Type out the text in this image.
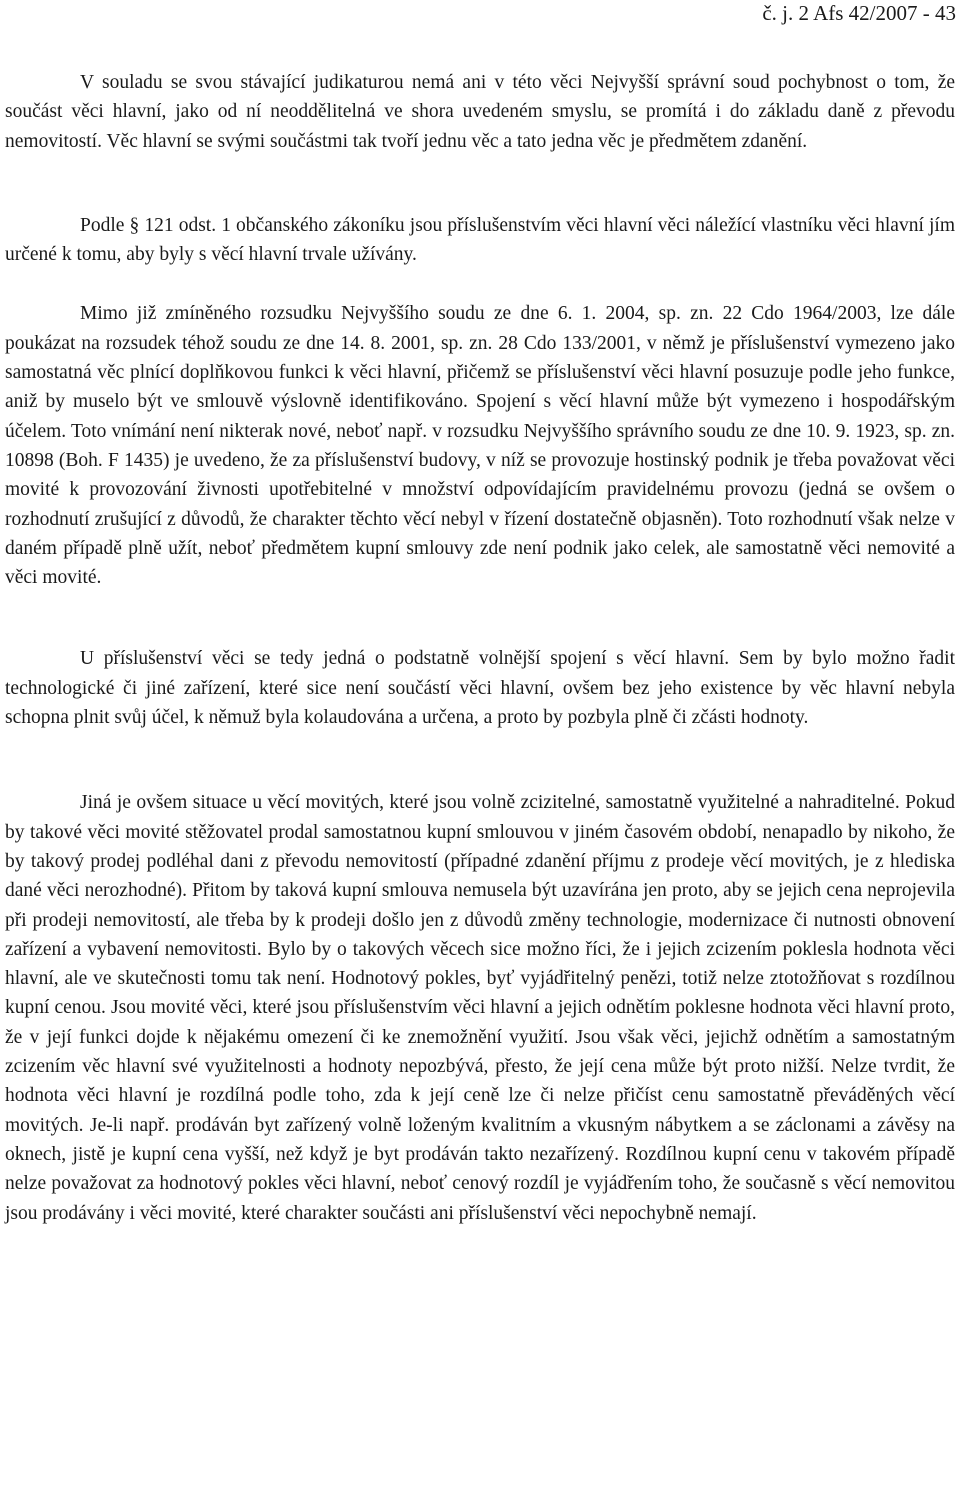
č. j. 2 Afs 42/2007 - 43

V souladu se svou stávající judikaturou nemá ani v této věci Nejvyšší správní soud pochybnost o tom, že součást věci hlavní, jako od ní neoddělitelná ve shora uvedeném smyslu, se promítá i do základu daně z převodu nemovitostí. Věc hlavní se svými součástmi tak tvoří jednu věc a tato jedna věc je předmětem zdanění.

Podle § 121 odst. 1 občanského zákoníku jsou příslušenstvím věci hlavní věci náležící vlastníku věci hlavní jím určené k tomu, aby byly s věcí hlavní trvale užívány.

Mimo již zmíněného rozsudku Nejvyššího soudu ze dne 6. 1. 2004, sp. zn. 22 Cdo 1964/2003, lze dále poukázat na rozsudek téhož soudu ze dne 14. 8. 2001, sp. zn. 28 Cdo 133/2001, v němž je příslušenství vymezeno jako samostatná věc plnící doplňkovou funkci k věci hlavní, přičemž se příslušenství věci hlavní posuzuje podle jeho funkce, aniž by muselo být ve smlouvě výslovně identifikováno. Spojení s věcí hlavní může být vymezeno i hospodářským účelem. Toto vnímání není nikterak nové, neboť např. v rozsudku Nejvyššího správního soudu ze dne 10. 9. 1923, sp. zn. 10898 (Boh. F 1435) je uvedeno, že za příslušenství budovy, v níž se provozuje hostinský podnik je třeba považovat věci movité k provozování živnosti upotřebitelné v množství odpovídajícím pravidelnému provozu (jedná se ovšem o rozhodnutí zrušující z důvodů, že charakter těchto věcí nebyl v řízení dostatečně objasněn). Toto rozhodnutí však nelze v daném případě plně užít, neboť předmětem kupní smlouvy zde není podnik jako celek, ale samostatně věci nemovité a věci movité.

U příslušenství věci se tedy jedná o podstatně volnější spojení s věcí hlavní. Sem by bylo možno řadit technologické či jiné zařízení, které sice není součástí věci hlavní, ovšem bez jeho existence by věc hlavní nebyla schopna plnit svůj účel, k němuž byla kolaudována a určena, a proto by pozbyla plně či zčásti hodnoty.

Jiná je ovšem situace u věcí movitých, které jsou volně zcizitelné, samostatně využitelné a nahraditelné. Pokud by takové věci movité stěžovatel prodal samostatnou kupní smlouvou v jiném časovém období, nenapadlo by nikoho, že by takový prodej podléhal dani z převodu nemovitostí (případné zdanění příjmu z prodeje věcí movitých, je z hlediska dané věci nerozhodné). Přitom by taková kupní smlouva nemusela být uzavírána jen proto, aby se jejich cena neprojevila při prodeji nemovitostí, ale třeba by k prodeji došlo jen z důvodů změny technologie, modernizace či nutnosti obnovení zařízení a vybavení nemovitosti. Bylo by o takových věcech sice možno říci, že i jejich zcizením poklesla hodnota věci hlavní, ale ve skutečnosti tomu tak není. Hodnotový pokles, byť vyjádřitelný penězi, totiž nelze ztotožňovat s rozdílnou kupní cenou. Jsou movité věci, které jsou příslušenstvím věci hlavní a jejich odnětím poklesne hodnota věci hlavní proto, že v její funkci dojde k nějakému omezení či ke znemožnění využití. Jsou však věci, jejichž odnětím a samostatným zcizením věc hlavní své využitelnosti a hodnoty nepozbývá, přesto, že její cena může být proto nižší. Nelze tvrdit, že hodnota věci hlavní je rozdílná podle toho, zda k její ceně lze či nelze přičíst cenu samostatně převáděných věcí movitých. Je-li např. prodáván byt zařízený volně loženým kvalitním a vkusným nábytkem a se záclonami a závěsy na oknech, jistě je kupní cena vyšší, než když je byt prodáván takto nezařízený. Rozdílnou kupní cenu v takovém případě nelze považovat za hodnotový pokles věci hlavní, neboť cenový rozdíl je vyjádřením toho, že současně s věcí nemovitou jsou prodávány i věci movité, které charakter součásti ani příslušenství věci nepochybně nemají.
